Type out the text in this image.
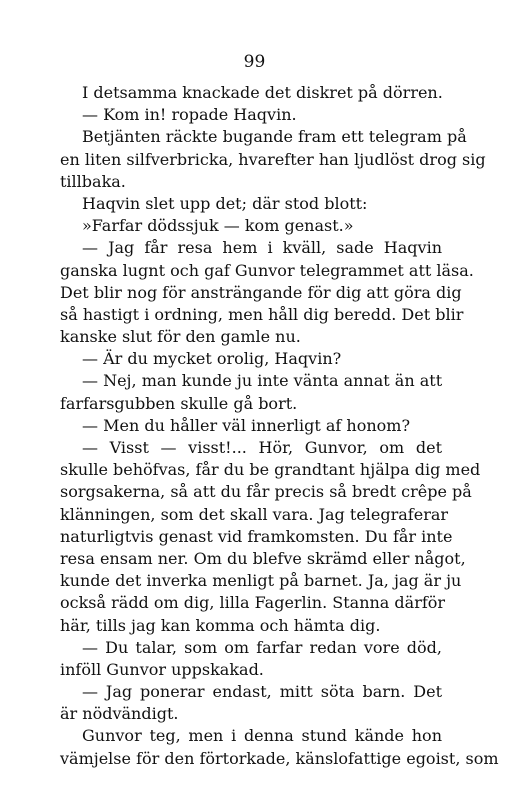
99
I detsamma knackade det diskret på dörren.
— Kom in! ropade Haqvin.
Betjänten räckte bugande fram ett telegram på
en liten silfverbricka, hvarefter han ljudlöst drog sig
tillbaka.
Haqvin slet upp det; där stod blott:
»Farfar dödssjuk — kom genast.»
— Jag får resa hem i kväll, sade Haqvin
ganska lugnt och gaf Gunvor telegrammet att läsa.
Det blir nog för ansträngande för dig att göra dig
så hastigt i ordning, men håll dig beredd. Det blir
kanske slut för den gamle nu.
— Är du mycket orolig, Haqvin?
— Nej, man kunde ju inte vänta annat än att
farfarsgubben skulle gå bort.
— Men du håller väl innerligt af honom?
— Visst — visst!... Hör, Gunvor, om det
skulle behöfvas, får du be grandtant hjälpa dig med
sorgsakerna, så att du får precis så bredt crêpe på
klänningen, som det skall vara. Jag telegraferar
naturligtvis genast vid framkomsten. Du får inte
resa ensam ner. Om du blefve skrämd eller något,
kunde det inverka menligt på barnet. Ja, jag är ju
också rädd om dig, lilla Fagerlin. Stanna därför
här, tills jag kan komma och hämta dig.
— Du talar, som om farfar redan vore död,
inföll Gunvor uppskakad.
— Jag ponerar endast, mitt söta barn. Det
är nödvändigt.
Gunvor teg, men i denna stund kände hon
vämjelse för den förtorkade, känslofattige egoist, som
